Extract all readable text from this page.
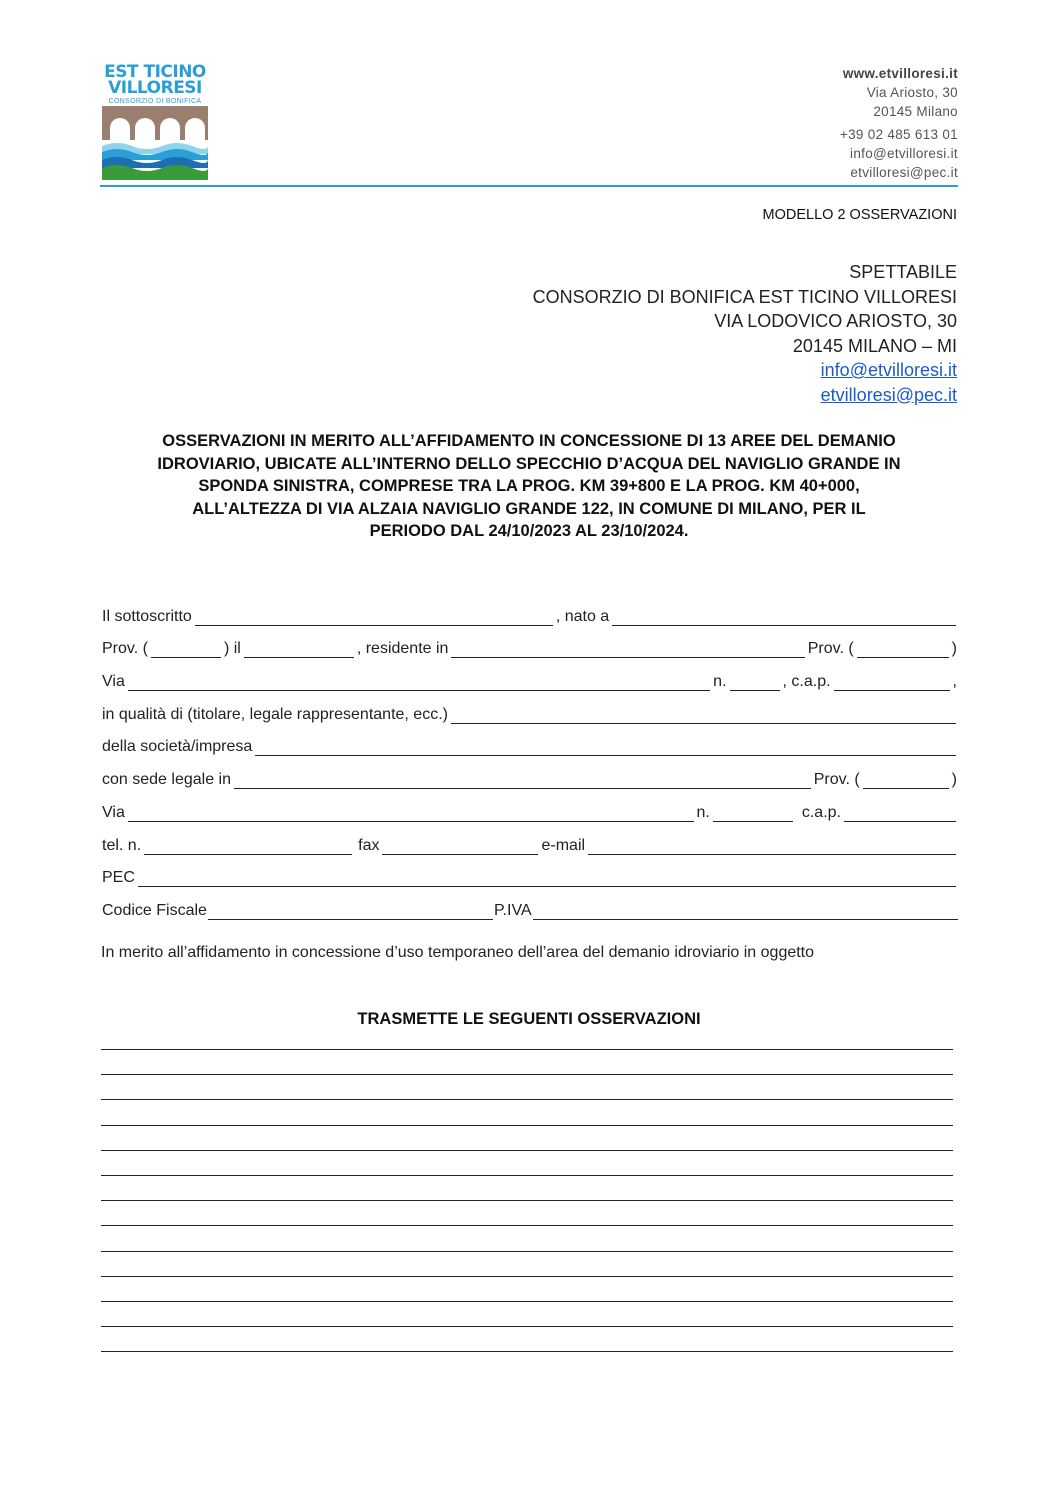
EST TICINO
VILLORESI
CONSORZIO DI BONIFICA
www.etvilloresi.it
Via Ariosto, 30
20145 Milano
+39 02 485 613 01
info@etvilloresi.it
etvilloresi@pec.it
MODELLO 2 OSSERVAZIONI
SPETTABILE
CONSORZIO DI BONIFICA EST TICINO VILLORESI
VIA LODOVICO ARIOSTO, 30
20145 MILANO – MI
info@etvilloresi.it
etvilloresi@pec.it
OSSERVAZIONI IN MERITO ALL’AFFIDAMENTO IN CONCESSIONE DI 13 AREE DEL DEMANIO
IDROVIARIO, UBICATE ALL’INTERNO DELLO SPECCHIO D’ACQUA DEL NAVIGLIO GRANDE IN
SPONDA SINISTRA, COMPRESE TRA LA PROG. KM 39+800 E LA PROG. KM 40+000,
ALL’ALTEZZA DI VIA ALZAIA NAVIGLIO GRANDE 122, IN COMUNE DI MILANO, PER IL
PERIODO DAL 24/10/2023 AL 23/10/2024.
Il sottoscritto	, nato a
Prov. (	) il	, residente in	Prov. (	)
Via	n.	, c.a.p.	,
in qualità di (titolare, legale rappresentante, ecc.)
della società/impresa
con sede legale in	Prov. (	)
Via	n.	c.a.p.
tel. n.	fax	e-mail
PEC
Codice Fiscale	P.IVA
In merito all’affidamento in concessione d’uso temporaneo dell’area del demanio idroviario in oggetto
TRASMETTE LE SEGUENTI OSSERVAZIONI
